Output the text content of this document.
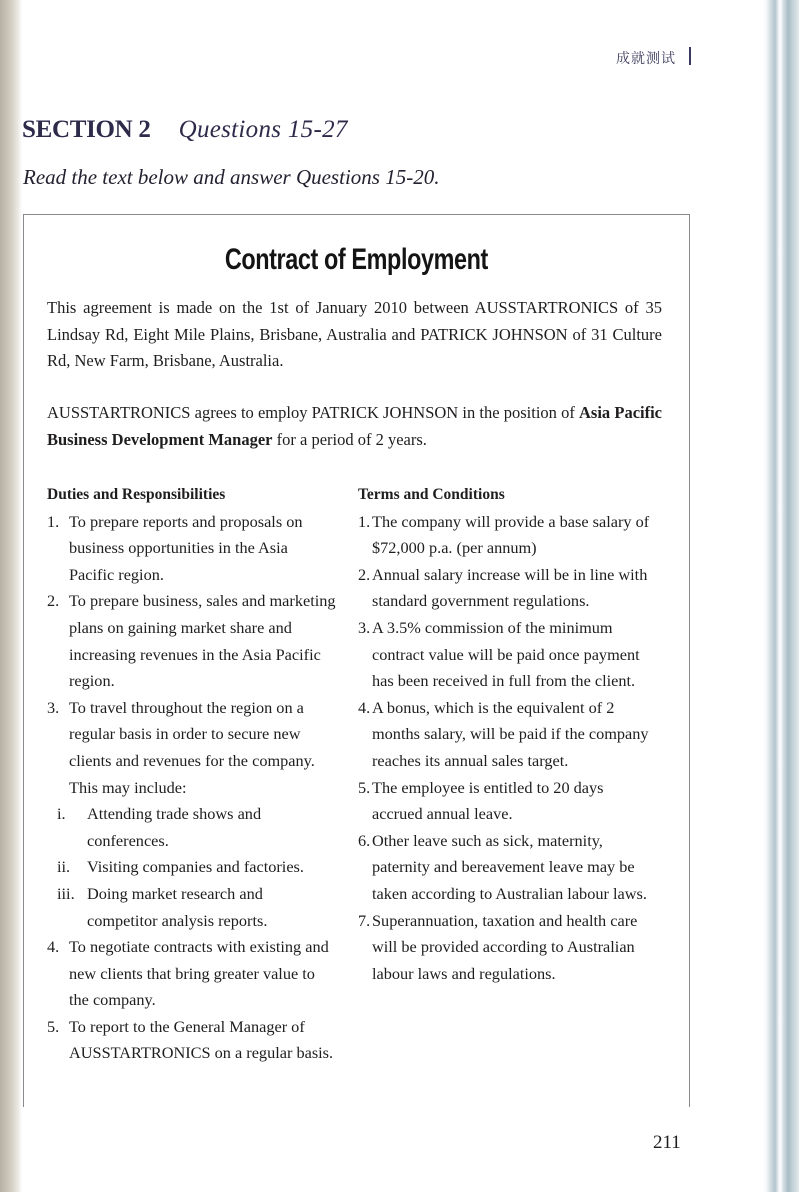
成就测试
SECTION 2 Questions 15-27
Read the text below and answer Questions 15-20.
Contract of Employment
This agreement is made on the 1st of January 2010 between AUSSTARTRONICS of 35 Lindsay Rd, Eight Mile Plains, Brisbane, Australia and PATRICK JOHNSON of 31 Culture Rd, New Farm, Brisbane, Australia.
AUSSTARTRONICS agrees to employ PATRICK JOHNSON in the position of Asia Pacific Business Development Manager for a period of 2 years.
Duties and Responsibilities
1. To prepare reports and proposals on business opportunities in the Asia Pacific region.
2. To prepare business, sales and marketing plans on gaining market share and increasing revenues in the Asia Pacific region.
3. To travel throughout the region on a regular basis in order to secure new clients and revenues for the company. This may include:
i. Attending trade shows and conferences.
ii. Visiting companies and factories.
iii. Doing market research and competitor analysis reports.
4. To negotiate contracts with existing and new clients that bring greater value to the company.
5. To report to the General Manager of AUSSTARTRONICS on a regular basis.
Terms and Conditions
1. The company will provide a base salary of $72,000 p.a. (per annum)
2. Annual salary increase will be in line with standard government regulations.
3. A 3.5% commission of the minimum contract value will be paid once payment has been received in full from the client.
4. A bonus, which is the equivalent of 2 months salary, will be paid if the company reaches its annual sales target.
5. The employee is entitled to 20 days accrued annual leave.
6. Other leave such as sick, maternity, paternity and bereavement leave may be taken according to Australian labour laws.
7. Superannuation, taxation and health care will be provided according to Australian labour laws and regulations.
211
